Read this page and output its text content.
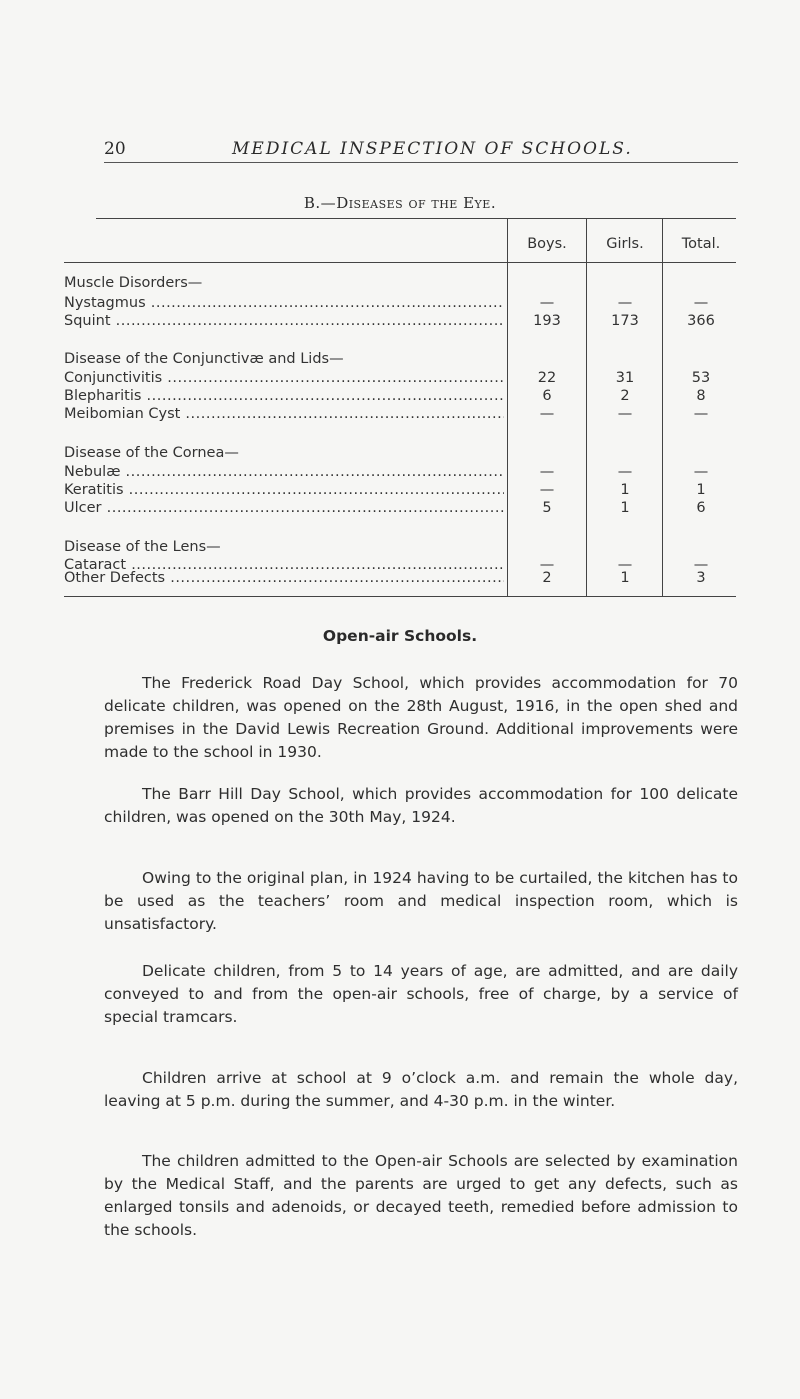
20	MEDICAL INSPECTION OF SCHOOLS.
B.—Diseases of the Eye.
Boys.	Girls.	Total.
Muscle Disorders—
Nystagmus .....	—	—	—
Squint .....	193	173	366
Disease of the Conjunctivæ and Lids—
Conjunctivitis .....	22	31	53
Blepharitis .....	6	2	8
Meibomian Cyst .....	—	—	—
Disease of the Cornea—
Nebulæ .....	—	—	—
Keratitis .....	—	1	1
Ulcer .....	5	1	6
Disease of the Lens—
Cataract .....	—	—	—
Other Defects .....	2	1	3
Open-air Schools.

The Frederick Road Day School, which provides accommodation for 70 delicate children, was opened on the 28th August, 1916, in the open shed and premises in the David Lewis Recreation Ground. Additional improvements were made to the school in 1930.

The Barr Hill Day School, which provides accommodation for 100 delicate children, was opened on the 30th May, 1924.

Owing to the original plan, in 1924 having to be curtailed, the kitchen has to be used as the teachers’ room and medical inspection room, which is unsatisfactory.

Delicate children, from 5 to 14 years of age, are admitted, and are daily conveyed to and from the open-air schools, free of charge, by a service of special tramcars.

Children arrive at school at 9 o’clock a.m. and remain the whole day, leaving at 5 p.m. during the summer, and 4-30 p.m. in the winter.

The children admitted to the Open-air Schools are selected by examination by the Medical Staff, and the parents are urged to get any defects, such as enlarged tonsils and adenoids, or decayed teeth, remedied before admission to the schools.
